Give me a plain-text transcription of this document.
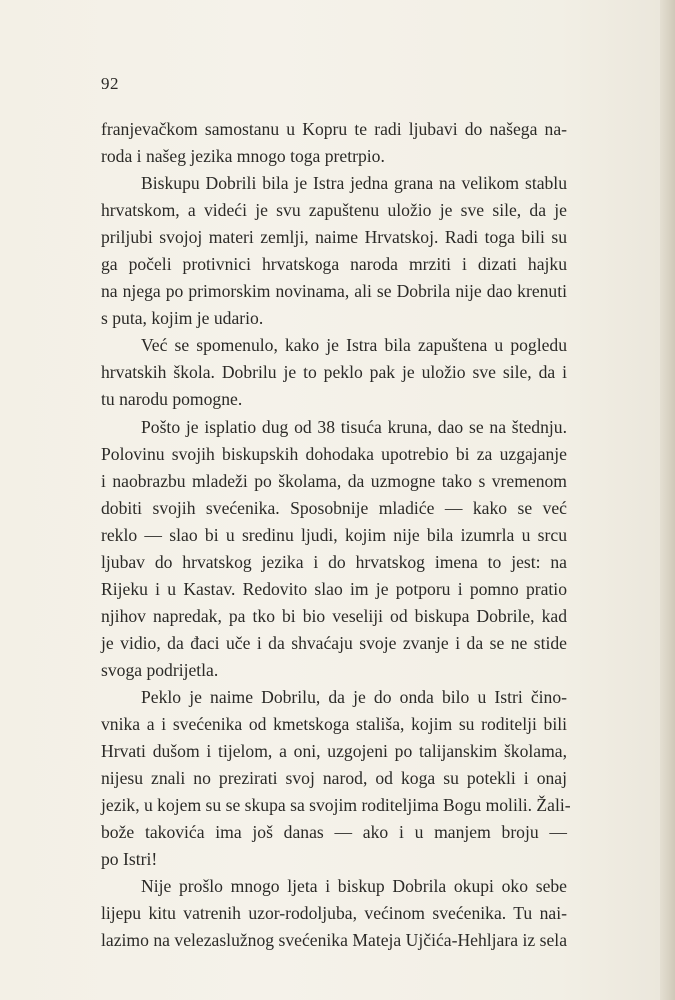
92
franjevačkom samostanu u Kopru te radi ljubavi do našega na-
roda i našeg jezika mnogo toga pretrpio.
Biskupu Dobrili bila je Istra jedna grana na velikom stablu
hrvatskom, a videći je svu zapuštenu uložio je sve sile, da je
priljubi svojoj materi zemlji, naime Hrvatskoj. Radi toga bili su
ga počeli protivnici hrvatskoga naroda mrziti i dizati hajku
na njega po primorskim novinama, ali se Dobrila nije dao krenuti
s puta, kojim je udario.
Već se spomenulo, kako je Istra bila zapuštena u pogledu
hrvatskih škola. Dobrilu je to peklo pak je uložio sve sile, da i
tu narodu pomogne.
Pošto je isplatio dug od 38 tisuća kruna, dao se na štednju.
Polovinu svojih biskupskih dohodaka upotrebio bi za uzgajanje
i naobrazbu mladeži po školama, da uzmogne tako s vremenom
dobiti svojih svećenika. Sposobnije mladiće — kako se već
reklo — slao bi u sredinu ljudi, kojim nije bila izumrla u srcu
ljubav do hrvatskog jezika i do hrvatskog imena to jest: na
Rijeku i u Kastav. Redovito slao im je potporu i pomno pratio
njihov napredak, pa tko bi bio veseliji od biskupa Dobrile, kad
je vidio, da đaci uče i da shvaćaju svoje zvanje i da se ne stide
svoga podrijetla.
Peklo je naime Dobrilu, da je do onda bilo u Istri čino-
vnika a i svećenika od kmetskoga stališa, kojim su roditelji bili
Hrvati dušom i tijelom, a oni, uzgojeni po talijanskim školama,
nijesu znali no prezirati svoj narod, od koga su potekli i onaj
jezik, u kojem su se skupa sa svojim roditeljima Bogu molili. Žali-
bože takovića ima još danas — ako i u manjem broju —
po Istri!
Nije prošlo mnogo ljeta i biskup Dobrila okupi oko sebe
lijepu kitu vatrenih uzor-rodoljuba, većinom svećenika. Tu nai-
lazimo na velezaslužnog svećenika Mateja Ujčića-Hehljara iz sela
